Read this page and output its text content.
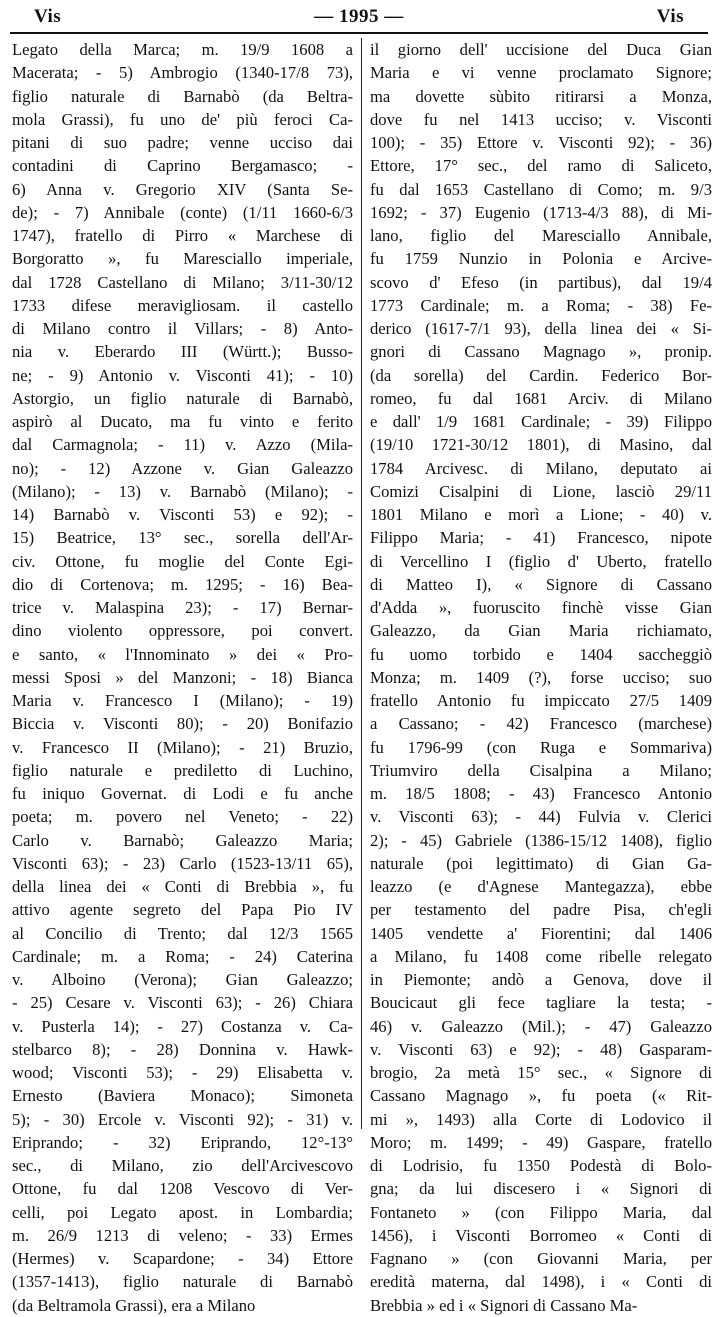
Vis	— 1995 —	Vis
Legato della Marca; m. 19/9 1608 a
Macerata; - 5) Ambrogio (1340-17/8 73),
figlio naturale di Barnabò (da Beltra-
mola Grassi), fu uno de' più feroci Ca-
pitani di suo padre; venne ucciso dai
contadini di Caprino Bergamasco; -
6) Anna v. Gregorio XIV (Santa Se-
de); - 7) Annibale (conte) (1/11 1660-6/3
1747), fratello di Pirro « Marchese di
Borgoratto », fu Maresciallo imperiale,
dal 1728 Castellano di Milano; 3/11-30/12
1733 difese meravigliosam. il castello
di Milano contro il Villars; - 8) Anto-
nia v. Eberardo III (Württ.); Busso-
ne; - 9) Antonio v. Visconti 41); - 10)
Astorgio, un figlio naturale di Barnabò,
aspirò al Ducato, ma fu vinto e ferito
dal Carmagnola; - 11) v. Azzo (Mila-
no); - 12) Azzone v. Gian Galeazzo
(Milano); - 13) v. Barnabò (Milano); -
14) Barnabò v. Visconti 53) e 92); -
15) Beatrice, 13° sec., sorella dell'Ar-
civ. Ottone, fu moglie del Conte Egi-
dio di Cortenova; m. 1295; - 16) Bea-
trice v. Malaspina 23); - 17) Bernar-
dino violento oppressore, poi convert.
e santo, « l'Innominato » dei « Pro-
messi Sposi » del Manzoni; - 18) Bianca
Maria v. Francesco I (Milano); - 19)
Biccia v. Visconti 80); - 20) Bonifazio
v. Francesco II (Milano); - 21) Bruzio,
figlio naturale e prediletto di Luchino,
fu iniquo Governat. di Lodi e fu anche
poeta; m. povero nel Veneto; - 22)
Carlo v. Barnabò; Galeazzo Maria;
Visconti 63); - 23) Carlo (1523-13/11 65),
della linea dei « Conti di Brebbia », fu
attivo agente segreto del Papa Pio IV
al Concilio di Trento; dal 12/3 1565
Cardinale; m. a Roma; - 24) Caterina
v. Alboino (Verona); Gian Galeazzo;
- 25) Cesare v. Visconti 63); - 26) Chiara
v. Pusterla 14); - 27) Costanza v. Ca-
stelbarco 8); - 28) Donnina v. Hawk-
wood; Visconti 53); - 29) Elisabetta v.
Ernesto (Baviera Monaco); Simoneta
5); - 30) Ercole v. Visconti 92); - 31) v.
Eriprando; - 32) Eriprando, 12°-13°
sec., di Milano, zio dell'Arcivescovo
Ottone, fu dal 1208 Vescovo di Ver-
celli, poi Legato apost. in Lombardia;
m. 26/9 1213 di veleno; - 33) Ermes
(Hermes) v. Scapardone; - 34) Ettore
(1357-1413), figlio naturale di Barnabò
(da Beltramola Grassi), era a Milano
il giorno dell' uccisione del Duca Gian
Maria e vi venne proclamato Signore;
ma dovette sùbito ritirarsi a Monza,
dove fu nel 1413 ucciso; v. Visconti
100); - 35) Ettore v. Visconti 92); - 36)
Ettore, 17° sec., del ramo di Saliceto,
fu dal 1653 Castellano di Como; m. 9/3
1692; - 37) Eugenio (1713-4/3 88), di Mi-
lano, figlio del Maresciallo Annibale,
fu 1759 Nunzio in Polonia e Arcive-
scovo d' Efeso (in partibus), dal 19/4
1773 Cardinale; m. a Roma; - 38) Fe-
derico (1617-7/1 93), della linea dei « Si-
gnori di Cassano Magnago », pronip.
(da sorella) del Cardin. Federico Bor-
romeo, fu dal 1681 Arciv. di Milano
e dall' 1/9 1681 Cardinale; - 39) Filippo
(19/10 1721-30/12 1801), di Masino, dal
1784 Arcivesc. di Milano, deputato ai
Comizi Cisalpini di Lione, lasciò 29/11
1801 Milano e morì a Lione; - 40) v.
Filippo Maria; - 41) Francesco, nipote
di Vercellino I (figlio d' Uberto, fratello
di Matteo I), « Signore di Cassano
d'Adda », fuoruscito finchè visse Gian
Galeazzo, da Gian Maria richiamato,
fu uomo torbido e 1404 saccheggiò
Monza; m. 1409 (?), forse ucciso; suo
fratello Antonio fu impiccato 27/5 1409
a Cassano; - 42) Francesco (marchese)
fu 1796-99 (con Ruga e Sommariva)
Triumviro della Cisalpina a Milano;
m. 18/5 1808; - 43) Francesco Antonio
v. Visconti 63); - 44) Fulvia v. Clerici
2); - 45) Gabriele (1386-15/12 1408), figlio
naturale (poi legittimato) di Gian Ga-
leazzo (e d'Agnese Mantegazza), ebbe
per testamento del padre Pisa, ch'egli
1405 vendette a' Fiorentini; dal 1406
a Milano, fu 1408 come ribelle relegato
in Piemonte; andò a Genova, dove il
Boucicaut gli fece tagliare la testa; -
46) v. Galeazzo (Mil.); - 47) Galeazzo
v. Visconti 63) e 92); - 48) Gasparam-
brogio, 2a metà 15° sec., « Signore di
Cassano Magnago », fu poeta (« Rit-
mi », 1493) alla Corte di Lodovico il
Moro; m. 1499; - 49) Gaspare, fratello
di Lodrisio, fu 1350 Podestà di Bolo-
gna; da lui discesero i « Signori di
Fontaneto » (con Filippo Maria, dal
1456), i Visconti Borromeo « Conti di
Fagnano » (con Giovanni Maria, per
eredità materna, dal 1498), i « Conti di
Brebbia » ed i « Signori di Cassano Ma-
